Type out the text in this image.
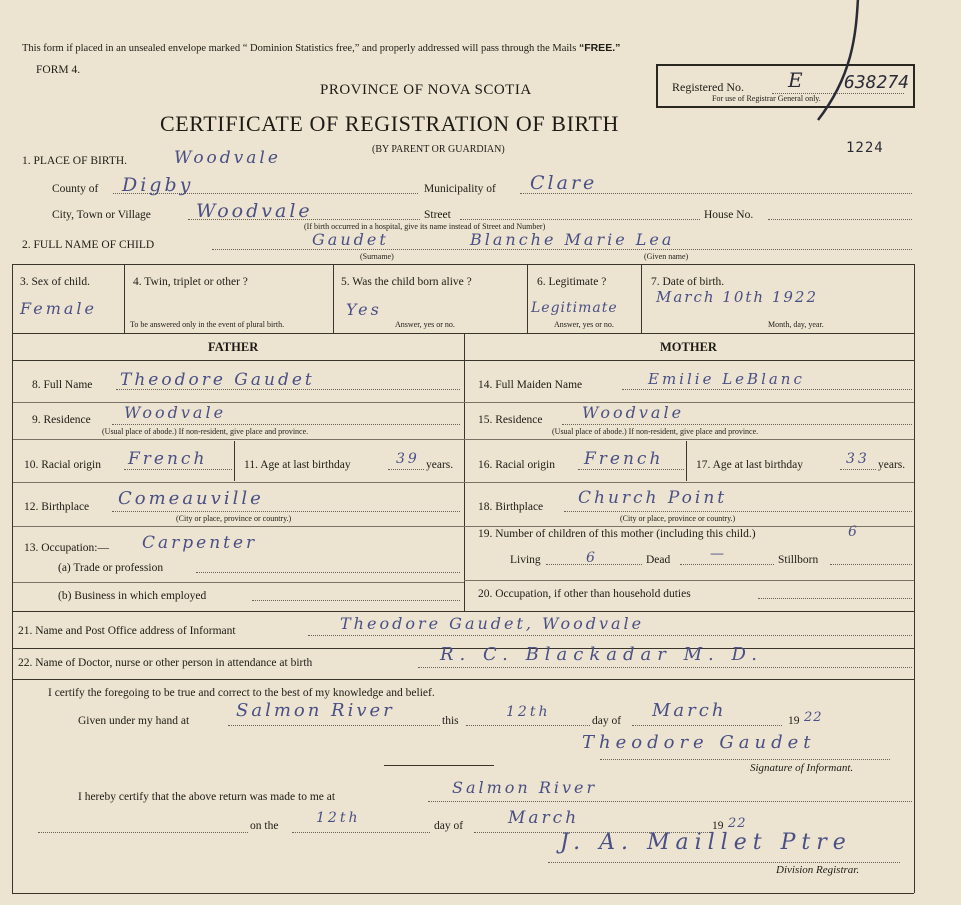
This form if placed in an unsealed envelope marked “ Dominion Statistics free,” and properly addressed will pass through the Mails “FREE.”
FORM 4.
Registered No. E 638274
For use of Registrar General only.
PROVINCE OF NOVA SCOTIA
CERTIFICATE OF REGISTRATION OF BIRTH
(BY PARENT OR GUARDIAN)	1224
1. PLACE OF BIRTH.	Woodvale
County of Digby	Municipality of Clare
City, Town or Village Woodvale	Street	House No.
(If birth occurred in a hospital, give its name instead of Street and Number)
2. FULL NAME OF CHILD	Gaudet	Blanche Marie Lea
(Surname)	(Given name)
3. Sex of child.
Female
4. Twin, triplet or other ?
To be answered only in the event of plural birth.
5. Was the child born alive ?
Yes
Answer, yes or no.
6. Legitimate ?
Legitimate
Answer, yes or no.
7. Date of birth.
March 10th 1922
Month, day, year.
FATHER	MOTHER
8. Full Name Theodore Gaudet
9. Residence Woodvale
(Usual place of abode.) If non-resident, give place and province.
10. Racial origin French	11. Age at last birthday	39 years.
12. Birthplace Comeauville
(City or place, province or country.)
13. Occupation:— Carpenter
(a) Trade or profession
(b) Business in which employed
14. Full Maiden Name	Emilie LeBlanc
15. Residence Woodvale
(Usual place of abode.) If non-resident, give place and province.
16. Racial origin French	17. Age at last birthday	33 years.
18. Birthplace Church Point
(City or place, province or country.)
19. Number of children of this mother (including this child.)	6
Living	6	Dead	—	Stillborn
20. Occupation, if other than household duties
21. Name and Post Office address of Informant	Theodore Gaudet, Woodvale
22. Name of Doctor, nurse or other person in attendance at birth	R. C. Blackadar M. D.
I certify the foregoing to be true and correct to the best of my knowledge and belief.
Given under my hand at	Salmon River	this
12th
day of March	19 22
Theodore Gaudet
Signature of Informant.
I hereby certify that the above return was made to me at	Salmon River
on the	12th	day of	March	19 22
J. A. Maillet Ptre
Division Registrar.
